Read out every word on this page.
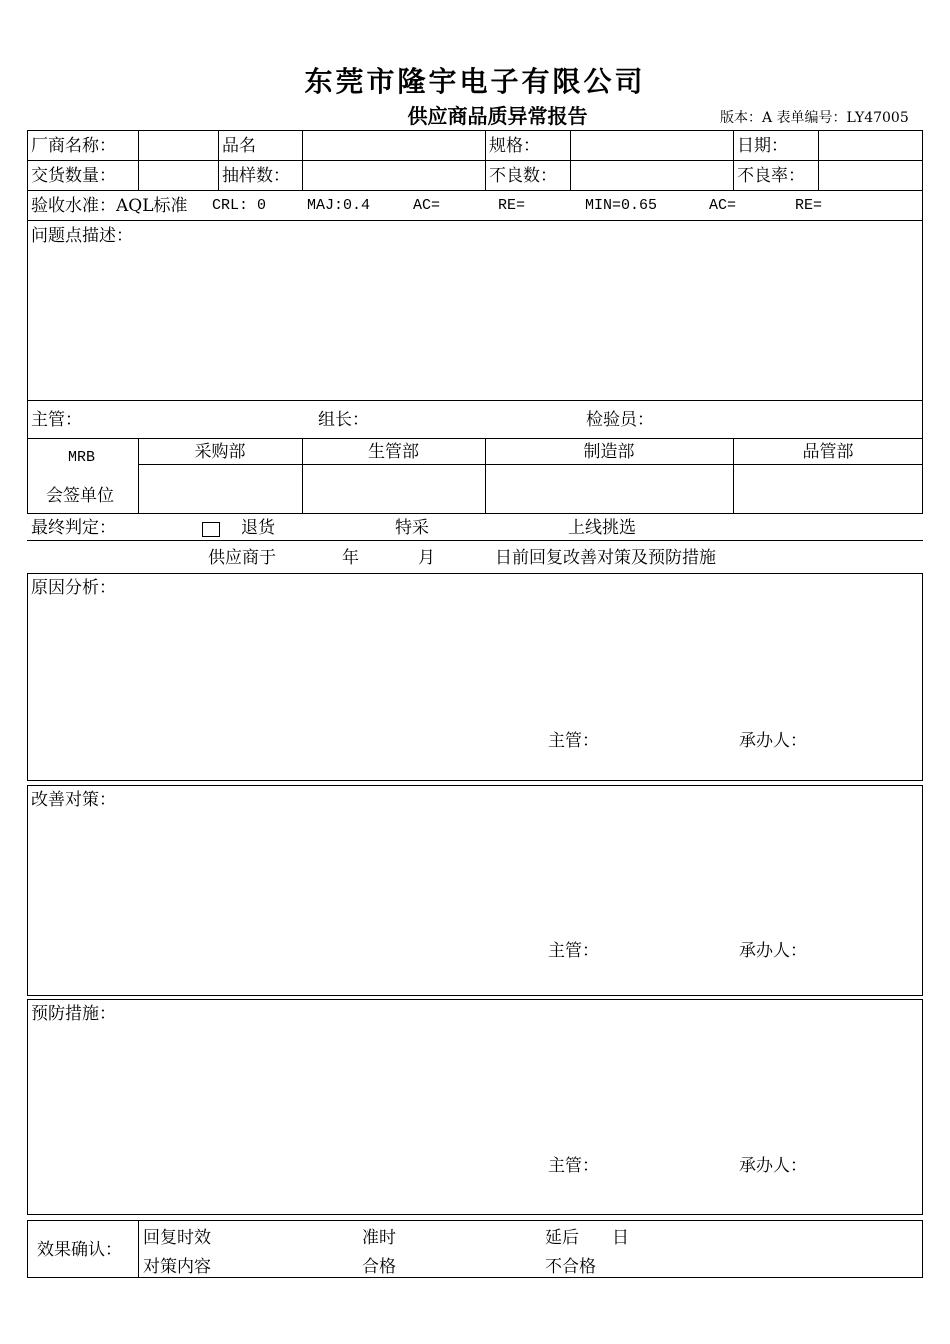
东莞市隆宇电子有限公司
供应商品质异常报告	版本：A 表单编号：LY47005
厂商名称：	品名	规格：	日期：
交货数量：	抽样数：	不良数：	不良率：
验收水准：AQL标准 CRL: 0	MAJ:0.4	AC=	RE=	MIN=0.65	AC=	RE=
问题点描述：
主管：	组长：	检验员：
MRB
会签单位
采购部	生管部	制造部	品管部
最终判定：	退货	特采	上线挑选
供应商于	年	月	日前回复改善对策及预防措施
原因分析：
主管：	承办人：
改善对策：
主管：	承办人：
预防措施：
主管：	承办人：
效果确认：
回复时效	准时	延后 日
对策内容	合格	不合格
